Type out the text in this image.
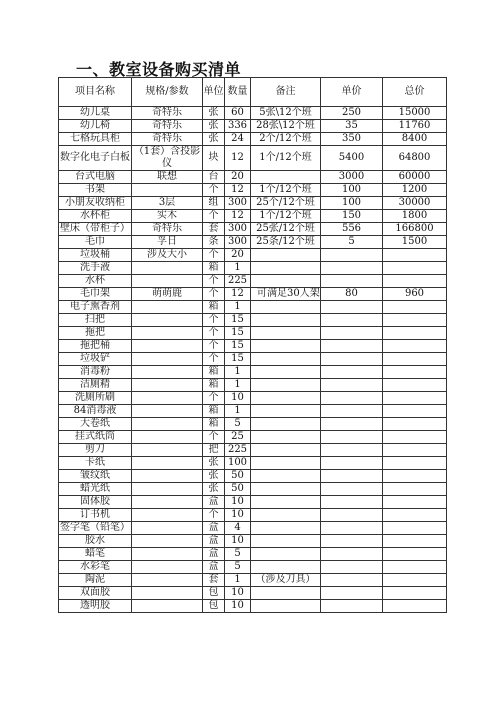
一、教室设备购买清单
项目名称	规格/参数	单位	数量	备注	单价	总价
幼儿桌	奇特乐	张	60	5张\12个班	250	15000
幼儿椅	奇特乐	张	336	28张\12个班	35	11760
七格玩具柜	奇特乐	张	24	2个/12个班	350	8400
数字化电子白板	（1套）含投影仪	块	12	1个/12个班	5400	64800
台式电脑	联想	台	20		3000	60000
书架		个	12	1个/12个班	100	1200
小朋友收纳柜	3层	组	300	25个/12个班	100	30000
水杯柜	实木	个	12	1个/12个班	150	1800
壁床（带柜子）	奇特乐	套	300	25张/12个班	556	166800
毛巾	孚日	条	300	25条/12个班	5	1500
垃圾桶	涉及大小	个	20			
洗手液		箱	1			
水杯		个	225			
毛巾架	萌萌鹿	个	12	可满足30人架	80	960
电子熏香剂		箱	1			
扫把		个	15			
拖把		个	15			
拖把桶		个	15			
垃圾铲		个	15			
消毒粉		箱	1			
洁厕精		箱	1			
洗厕所刷		个	10			
84消毒液		箱	1			
大卷纸		箱	5			
挂式纸筒		个	25			
剪刀		把	225			
卡纸		张	100			
皱纹纸		张	50			
蜡光纸		张	50			
固体胶		盒	10			
订书机		个	10			
签字笔（铅笔）		盒	4			
胶水		盒	10			
蜡笔		盒	5			
水彩笔		盒	5			
陶泥		套	1	（涉及刀具）		
双面胶		包	10			
透明胶		包	10			
